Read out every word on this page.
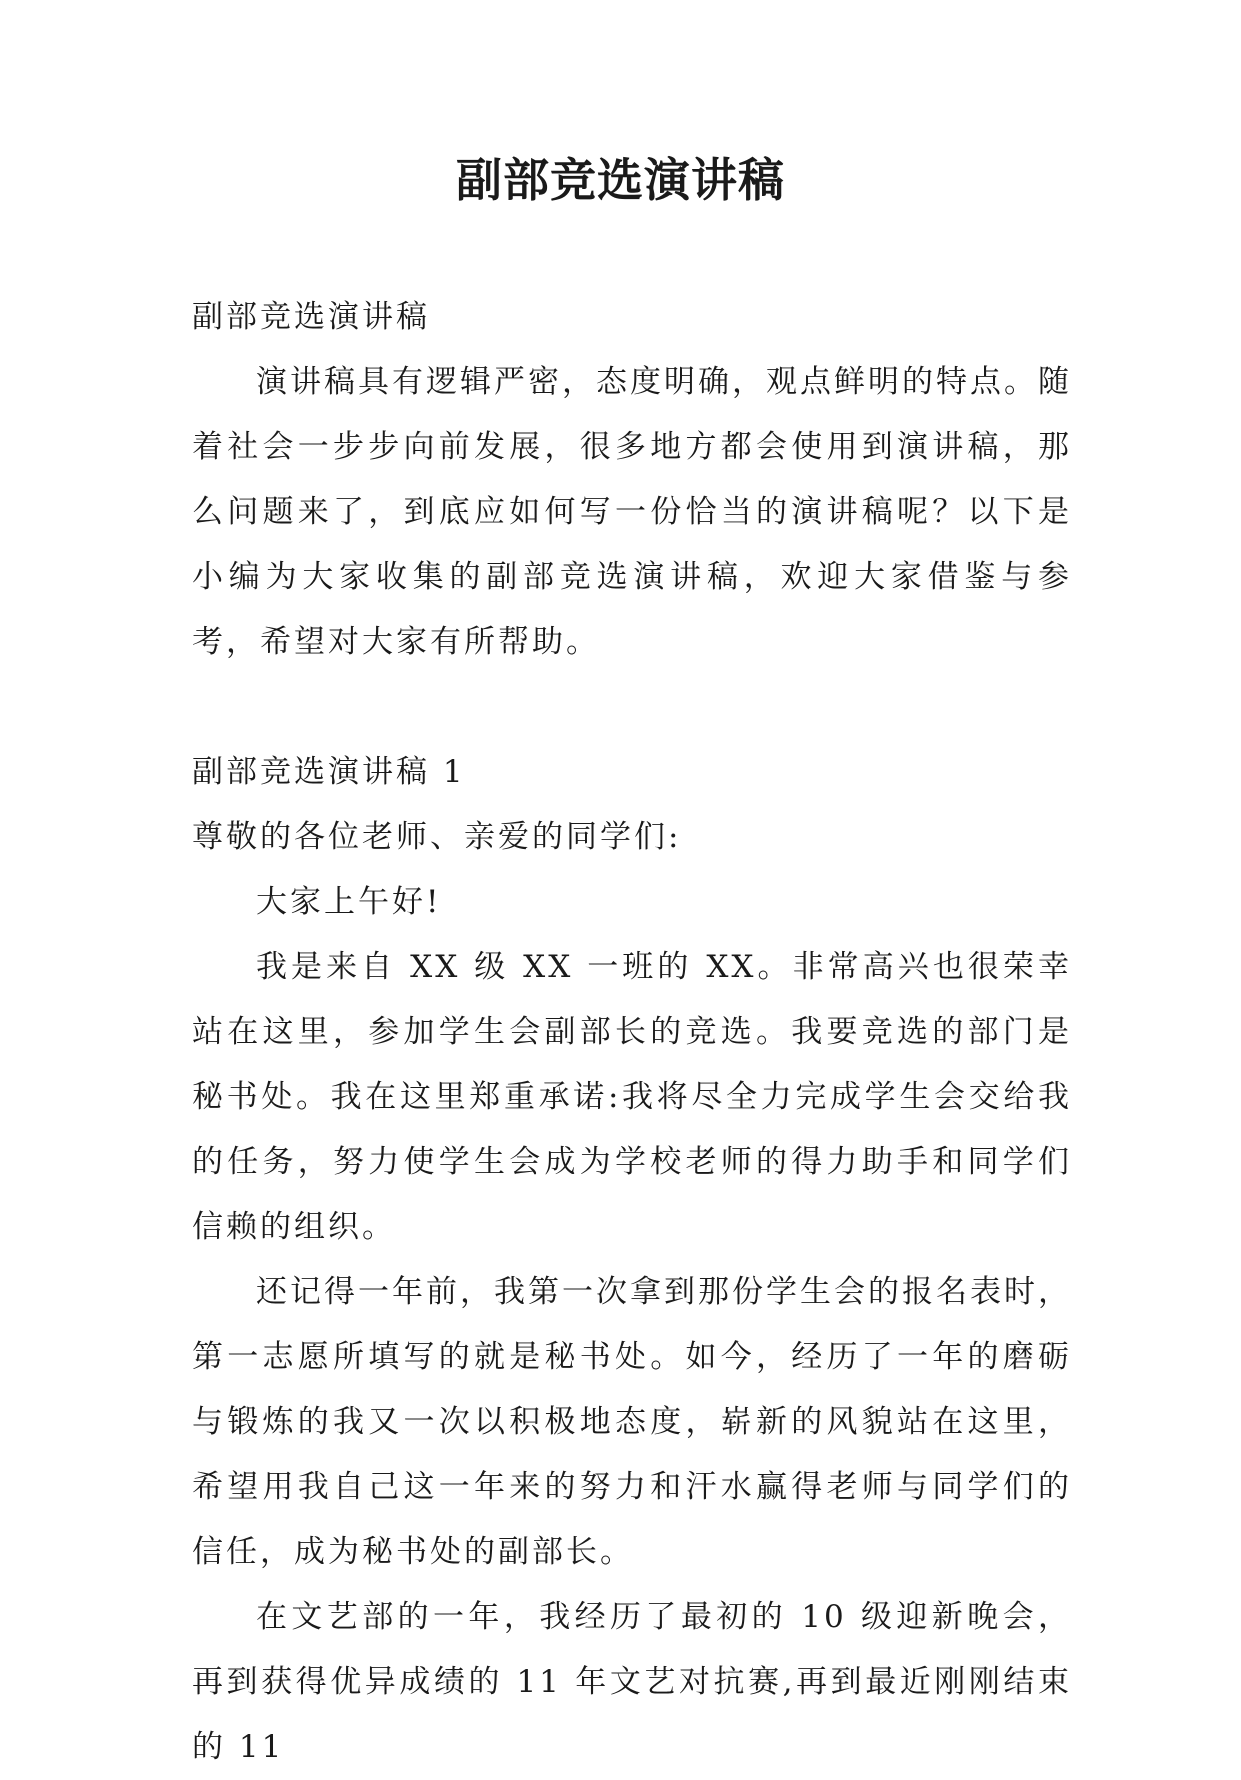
副部竞选演讲稿

副部竞选演讲稿

演讲稿具有逻辑严密，态度明确，观点鲜明的特点。随着社会一步步向前发展，很多地方都会使用到演讲稿，那么问题来了，到底应如何写一份恰当的演讲稿呢？以下是小编为大家收集的副部竞选演讲稿，欢迎大家借鉴与参考，希望对大家有所帮助。

副部竞选演讲稿 1

尊敬的各位老师、亲爱的同学们:

大家上午好!

我是来自 XX 级 XX 一班的 XX。非常高兴也很荣幸站在这里，参加学生会副部长的竞选。我要竞选的部门是秘书处。我在这里郑重承诺:我将尽全力完成学生会交给我的任务，努力使学生会成为学校老师的得力助手和同学们信赖的组织。

还记得一年前，我第一次拿到那份学生会的报名表时，第一志愿所填写的就是秘书处。如今，经历了一年的磨砺与锻炼的我又一次以积极地态度，崭新的风貌站在这里，希望用我自己这一年来的努力和汗水赢得老师与同学们的信任，成为秘书处的副部长。

在文艺部的一年，我经历了最初的 10 级迎新晚会，再到获得优异成绩的 11 年文艺对抗赛,再到最近刚刚结束的 11
